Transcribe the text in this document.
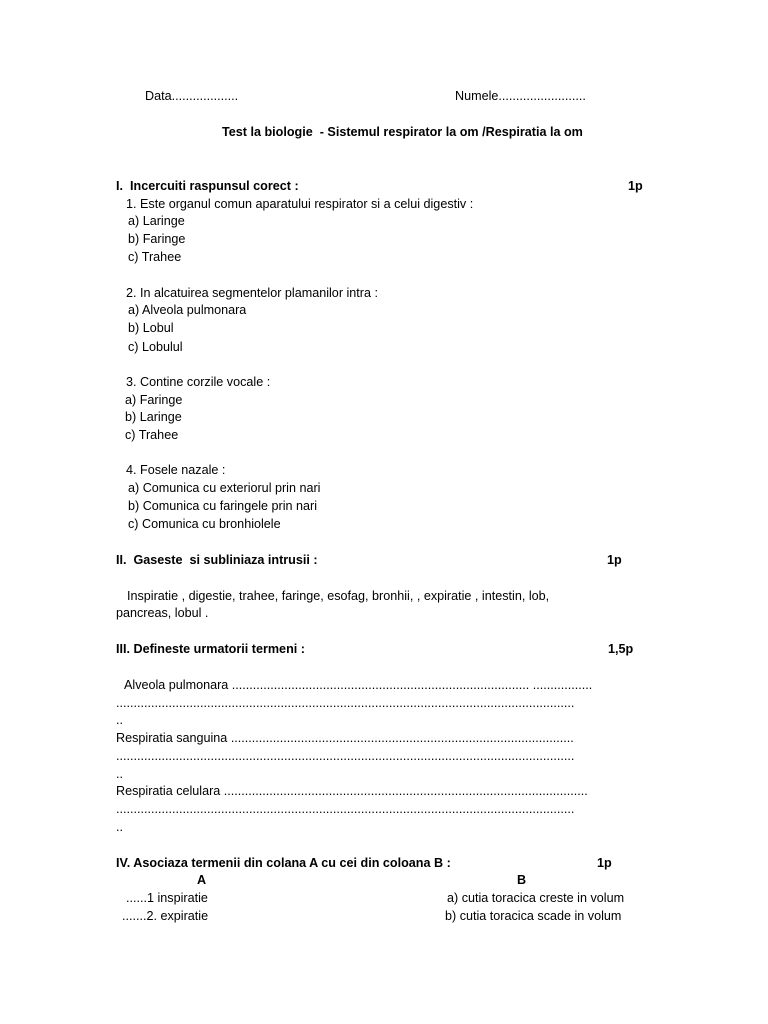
Data...................	Numele.........................
Test la biologie  - Sistemul respirator la om /Respiratia la om
I.  Incercuiti raspunsul corect :	1p
1. Este organul comun aparatului respirator si a celui digestiv :
a) Laringe
b) Faringe
c) Trahee
2. In alcatuirea segmentelor plamanilor intra :
a) Alveola pulmonara
b) Lobul
c) Lobulul
3. Contine corzile vocale :
a) Faringe
b) Laringe
c) Trahee
4. Fosele nazale :
a) Comunica cu exteriorul prin nari
b) Comunica cu faringele prin nari
c) Comunica cu bronhiolele
II.  Gaseste  si subliniaza intrusii :	1p
Inspiratie , digestie, trahee, faringe, esofag, bronhii, , expiratie , intestin, lob,
pancreas, lobul .
III. Defineste urmatorii termeni :	1,5p
Alveola pulmonara ..................................................................................... .................
...................................................................................................................................
..
Respiratia sanguina ..................................................................................................
...................................................................................................................................
..
Respiratia celulara ........................................................................................................
...................................................................................................................................
..
IV. Asociaza termenii din colana A cu cei din coloana B :	1p
A	B
......1 inspiratie	a) cutia toracica creste in volum
.......2. expiratie	b) cutia toracica scade in volum
